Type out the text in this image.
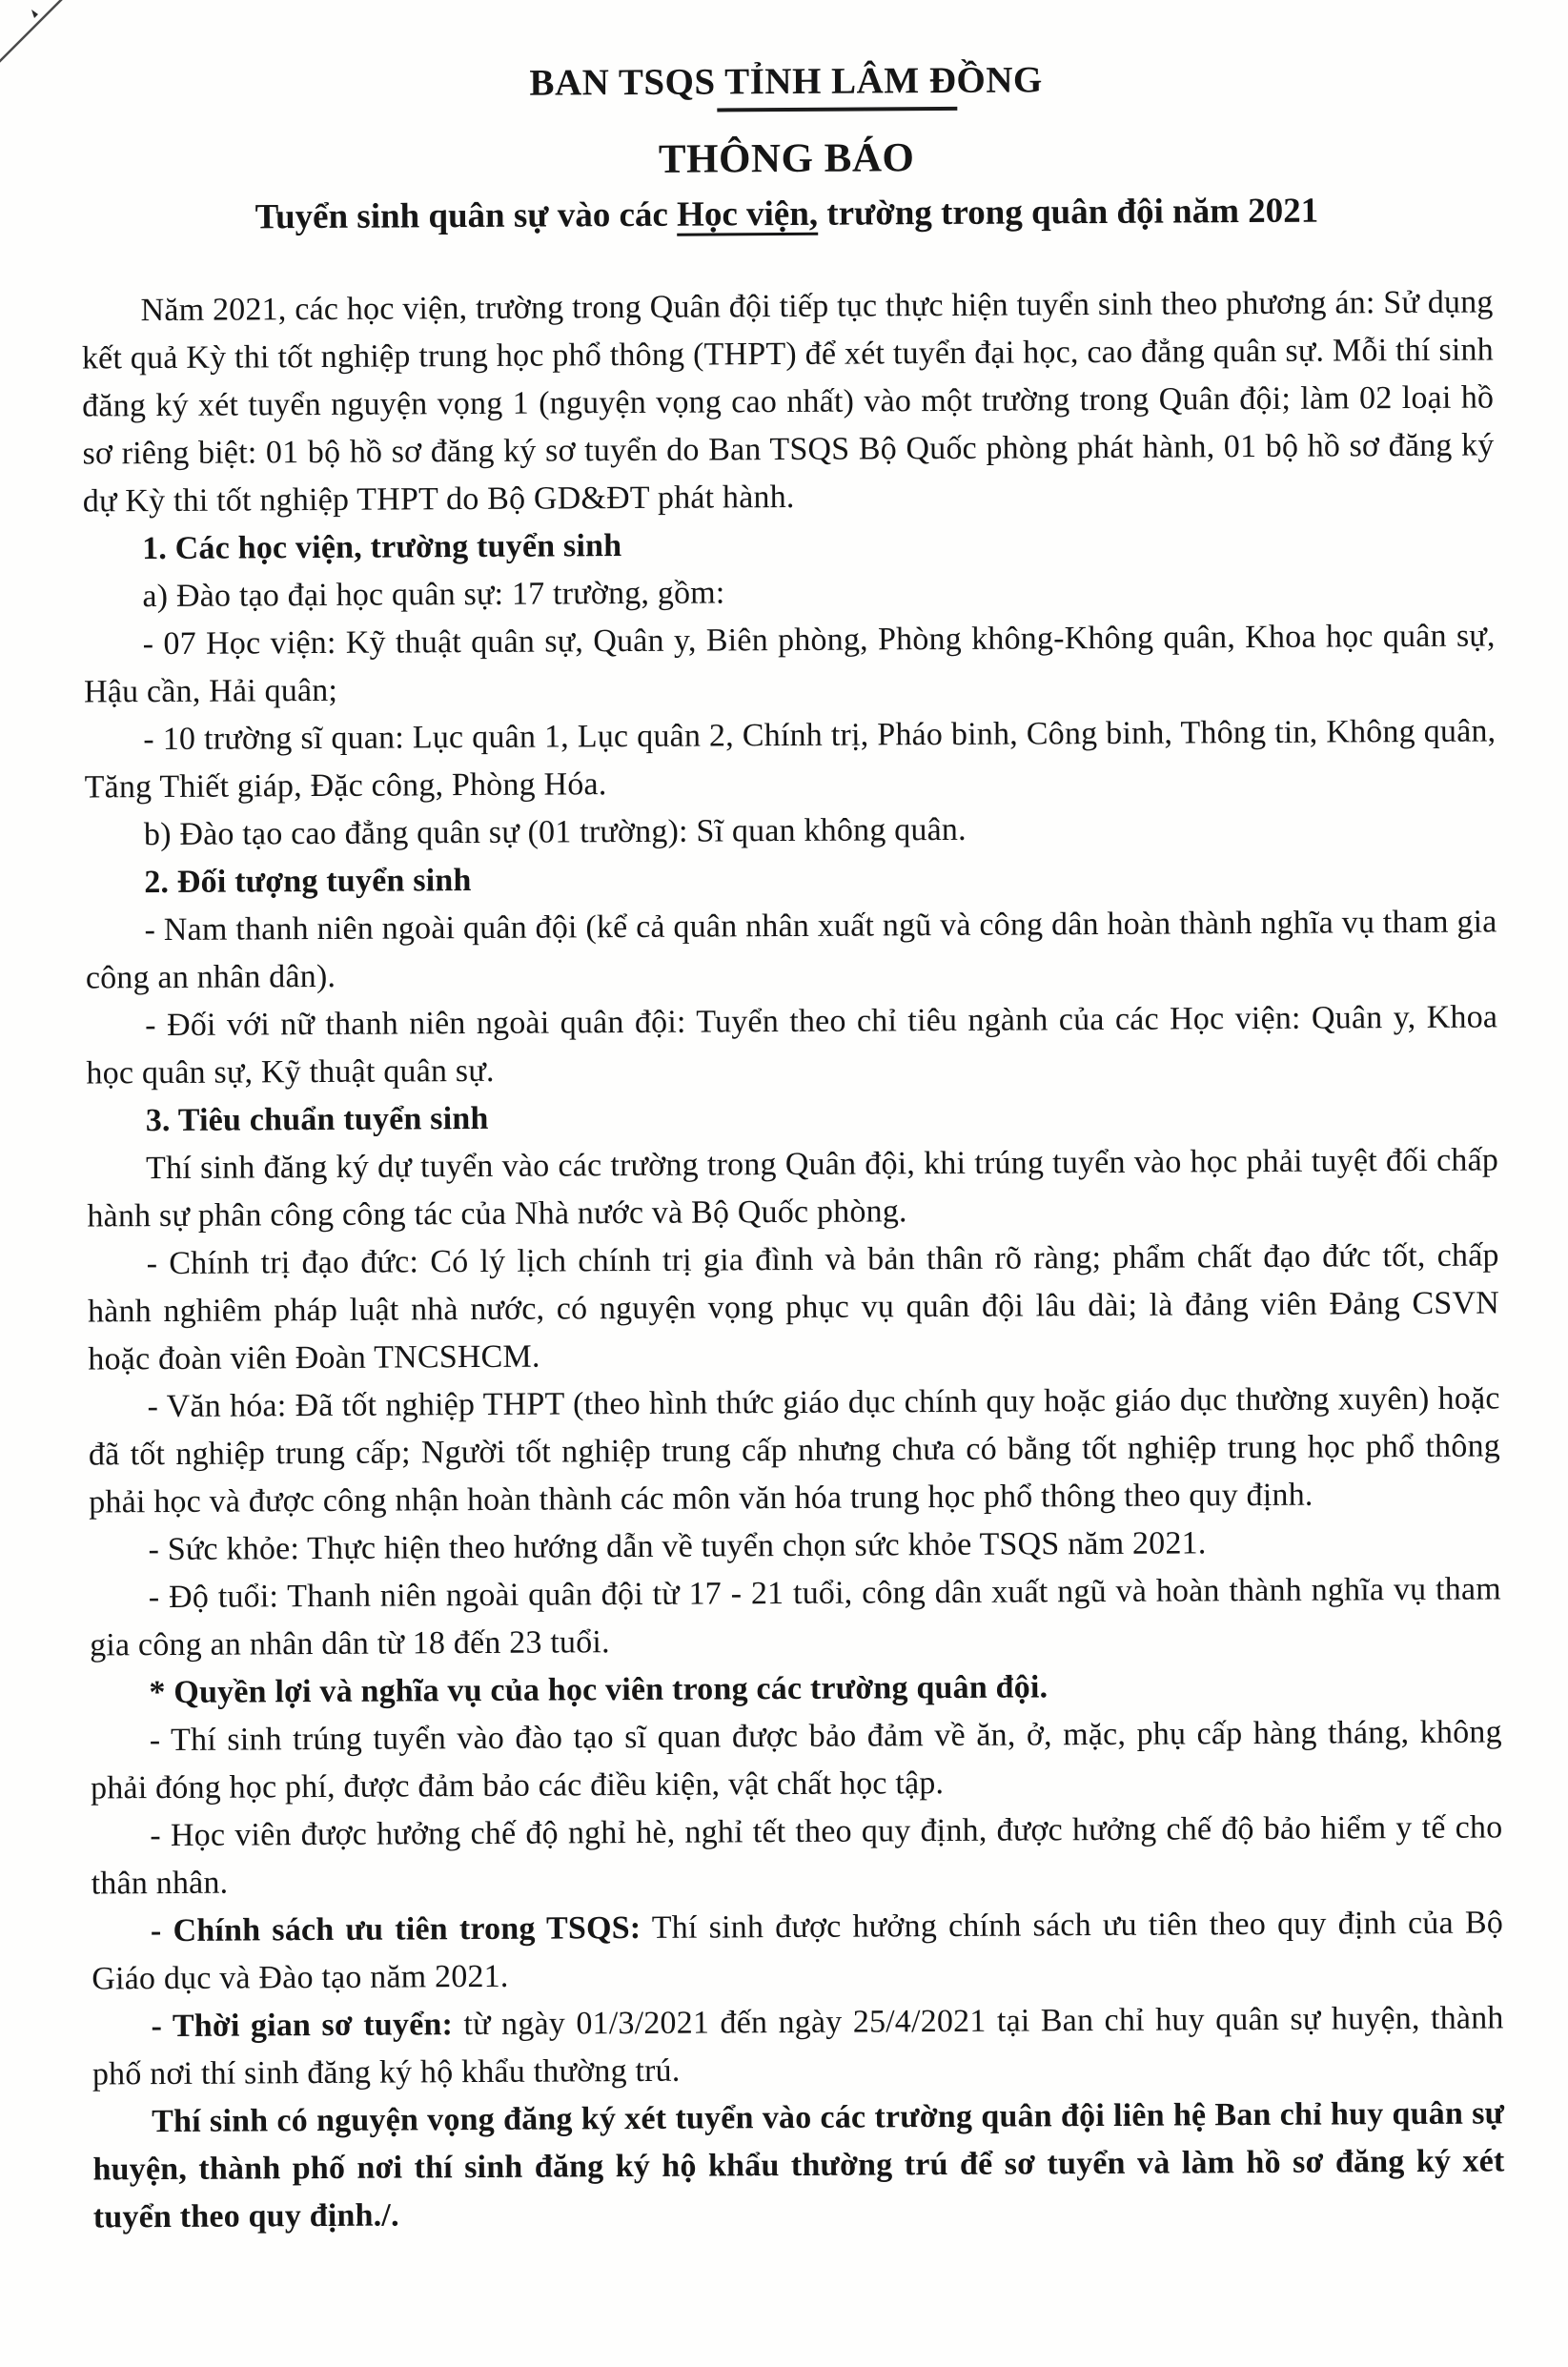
BAN TSQS TỈNH LÂM ĐỒNG
THÔNG BÁO
Tuyển sinh quân sự vào các Học viện, trường trong quân đội năm 2021

Năm 2021, các học viện, trường trong Quân đội tiếp tục thực hiện tuyển sinh theo phương án: Sử dụng kết quả Kỳ thi tốt nghiệp trung học phổ thông (THPT) để xét tuyển đại học, cao đẳng quân sự. Mỗi thí sinh đăng ký xét tuyển nguyện vọng 1 (nguyện vọng cao nhất) vào một trường trong Quân đội; làm 02 loại hồ sơ riêng biệt: 01 bộ hồ sơ đăng ký sơ tuyển do Ban TSQS Bộ Quốc phòng phát hành, 01 bộ hồ sơ đăng ký dự Kỳ thi tốt nghiệp THPT do Bộ GD&ĐT phát hành.

1. Các học viện, trường tuyển sinh

a) Đào tạo đại học quân sự: 17 trường, gồm:

- 07 Học viện: Kỹ thuật quân sự, Quân y, Biên phòng, Phòng không-Không quân, Khoa học quân sự, Hậu cần, Hải quân;

- 10 trường sĩ quan: Lục quân 1, Lục quân 2, Chính trị, Pháo binh, Công binh, Thông tin, Không quân, Tăng Thiết giáp, Đặc công, Phòng Hóa.

b) Đào tạo cao đẳng quân sự (01 trường): Sĩ quan không quân.

2. Đối tượng tuyển sinh

- Nam thanh niên ngoài quân đội (kể cả quân nhân xuất ngũ và công dân hoàn thành nghĩa vụ tham gia công an nhân dân).

- Đối với nữ thanh niên ngoài quân đội: Tuyển theo chỉ tiêu ngành của các Học viện: Quân y, Khoa học quân sự, Kỹ thuật quân sự.

3. Tiêu chuẩn tuyển sinh

Thí sinh đăng ký dự tuyển vào các trường trong Quân đội, khi trúng tuyển vào học phải tuyệt đối chấp hành sự phân công công tác của Nhà nước và Bộ Quốc phòng.

- Chính trị đạo đức: Có lý lịch chính trị gia đình và bản thân rõ ràng; phẩm chất đạo đức tốt, chấp hành nghiêm pháp luật nhà nước, có nguyện vọng phục vụ quân đội lâu dài; là đảng viên Đảng CSVN hoặc đoàn viên Đoàn TNCSHCM.

- Văn hóa: Đã tốt nghiệp THPT (theo hình thức giáo dục chính quy hoặc giáo dục thường xuyên) hoặc đã tốt nghiệp trung cấp; Người tốt nghiệp trung cấp nhưng chưa có bằng tốt nghiệp trung học phổ thông phải học và được công nhận hoàn thành các môn văn hóa trung học phổ thông theo quy định.

- Sức khỏe: Thực hiện theo hướng dẫn về tuyển chọn sức khỏe TSQS năm 2021.

- Độ tuổi: Thanh niên ngoài quân đội từ 17 - 21 tuổi, công dân xuất ngũ và hoàn thành nghĩa vụ tham gia công an nhân dân từ 18 đến 23 tuổi.

* Quyền lợi và nghĩa vụ của học viên trong các trường quân đội.

- Thí sinh trúng tuyển vào đào tạo sĩ quan được bảo đảm về ăn, ở, mặc, phụ cấp hàng tháng, không phải đóng học phí, được đảm bảo các điều kiện, vật chất học tập.

- Học viên được hưởng chế độ nghỉ hè, nghỉ tết theo quy định, được hưởng chế độ bảo hiểm y tế cho thân nhân.

- Chính sách ưu tiên trong TSQS: Thí sinh được hưởng chính sách ưu tiên theo quy định của Bộ Giáo dục và Đào tạo năm 2021.

- Thời gian sơ tuyển: từ ngày 01/3/2021 đến ngày 25/4/2021 tại Ban chỉ huy quân sự huyện, thành phố nơi thí sinh đăng ký hộ khẩu thường trú.

Thí sinh có nguyện vọng đăng ký xét tuyển vào các trường quân đội liên hệ Ban chỉ huy quân sự huyện, thành phố nơi thí sinh đăng ký hộ khẩu thường trú để sơ tuyển và làm hồ sơ đăng ký xét tuyển theo quy định./.
